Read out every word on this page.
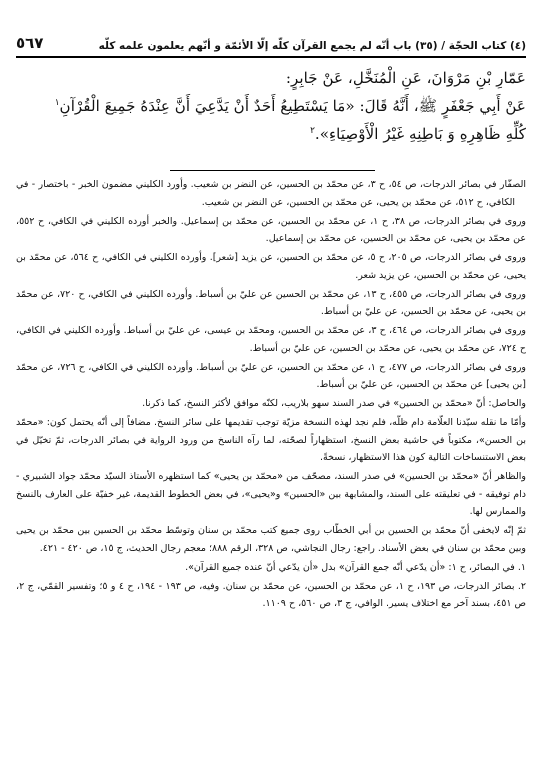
(٤) كتاب الحجّة / (٣٥) باب أنّه لم يجمع القرآن كلّه إلّا الأئمّة و أنّهم يعلمون علمه كلّه
٥٦٧

عَمّارِ بْنِ مَرْوَانَ، عَنِ الْمُنَخَّلِ، عَنْ جَابِرٍ:

عَنْ أَبِي جَعْفَرٍ ﷺ، أَنَّهُ قَالَ: «مَا يَسْتَطِيعُ أَحَدٌ أَنْ يَدَّعِيَ أَنَّ عِنْدَهُ جَمِيعَ الْقُرْآنِ$^١$

كُلِّهِ ظَاهِرِهِ وَ بَاطِنِهِ غَيْرُ الْأَوْصِيَاءِ».$^٢$

الصفّار في بصائر الدرجات، ص ٥٤، ح ٣، عن محمّد بن الحسين، عن النضر بن شعيب. وأورد الكليني مضمون الخبر - باختصار - في الكافي، ح ٥١٢، عن محمّد بن يحيى، عن محمّد بن الحسين، عن النضر بن شعيب.

وروى في بصائر الدرجات، ص ٣٨، ح ١، عن محمّد بن الحسين، عن محمّد بن إسماعيل. والخبر أورده الكليني في الكافي، ح ٥٥٢، عن محمّد بن يحيى، عن محمّد بن الحسين، عن محمّد بن إسماعيل.

وروى في بصائر الدرجات، ص ٢٠٥، ح ٥، عن محمّد بن الحسين، عن يزيد [شعر]. وأورده الكليني في الكافي، ح ٥٦٤، عن محمّد بن يحيى، عن محمّد بن الحسين، عن يزيد شعر.

وروى في بصائر الدرجات، ص ٤٥٥، ح ١٣، عن محمّد بن الحسين عن عليّ بن أسباط. وأورده الكليني في الكافي، ح ٧٢٠، عن محمّد بن يحيى، عن محمّد بن الحسين، عن عليّ بن أسباط.

وروى في بصائر الدرجات، ص ٤٦٤، ح ٣، عن محمّد بن الحسين، ومحمّد بن عيسى، عن عليّ بن أسباط. وأورده الكليني في الكافي، ح ٧٢٤، عن محمّد بن يحيى، عن محمّد بن الحسين، عن عليّ بن أسباط.

وروى في بصائر الدرجات، ص ٤٧٧، ح ١، عن محمّد بن الحسين، عن عليّ بن أسباط. وأورده الكليني في الكافي، ح ٧٢٦، عن محمّد [بن يحيى] عن محمّد بن الحسين، عن عليّ بن أسباط.

والحاصل: أنّ «محمّد بن الحسين» في صدر السند سهو بلاريب، لكنّه موافق لأكثر النسخ، كما ذكرنا.

وأمّا ما نقله سيّدنا العلّامة دام ظلّه، فلم نجد لهذه النسخة مزيّة توجب تقديمها على سائر النسخ. مضافاً إلى أنّه يحتمل كون: «محمّد بن الحسن»، مكتوباً في حاشية بعض النسخ، استظهاراً لصحّته، لما رآه الناسخ من ورود الرواية في بصائر الدرجات، ثمّ تخيّل في بعض الاستنساخات التالية كون هذا الاستظهار، نسخةً.

والظاهر أنّ «محمّد بن الحسين» في صدر السند، مصحّف من «محمّد بن يحيى» كما استظهره الأستاذ السيّد محمّد جواد الشبيري - دام توفيقه - في تعليقته على السند، والمشابهة بين «الحسين» و«يحيى»، في بعض الخطوط القديمة، غير خفيّة على العارف بالنسخ والممارس لها.

ثمّ إنّه لايخفى أنّ محمّد بن الحسين بن أبي الخطّاب روى جميع كتب محمّد بن سنان وتوسّط محمّد بن الحسين بين محمّد بن يحيى وبين محمّد بن سنان في بعض الأسناد. راجع: رجال النجاشي، ص ٣٢٨، الرقم ٨٨٨؛ معجم رجال الحديث، ج ١٥، ص ٤٢٠ - ٤٢١.

١. في البصائر، ح ١: «أن يدّعي أنّه جمع القرآن» بدل «أن يدّعي أنّ عنده جميع القرآن».

٢. بصائر الدرجات، ص ١٩٣، ح ١، عن محمّد بن الحسين، عن محمّد بن سنان. وفيه، ص ١٩٣ - ١٩٤، ح ٤ و ٥؛ وتفسير القمّي، ج ٢، ص ٤٥١، بسند آخر مع اختلاف يسير. الوافي، ج ٣، ص ٥٦٠، ح ١١٠٩.
